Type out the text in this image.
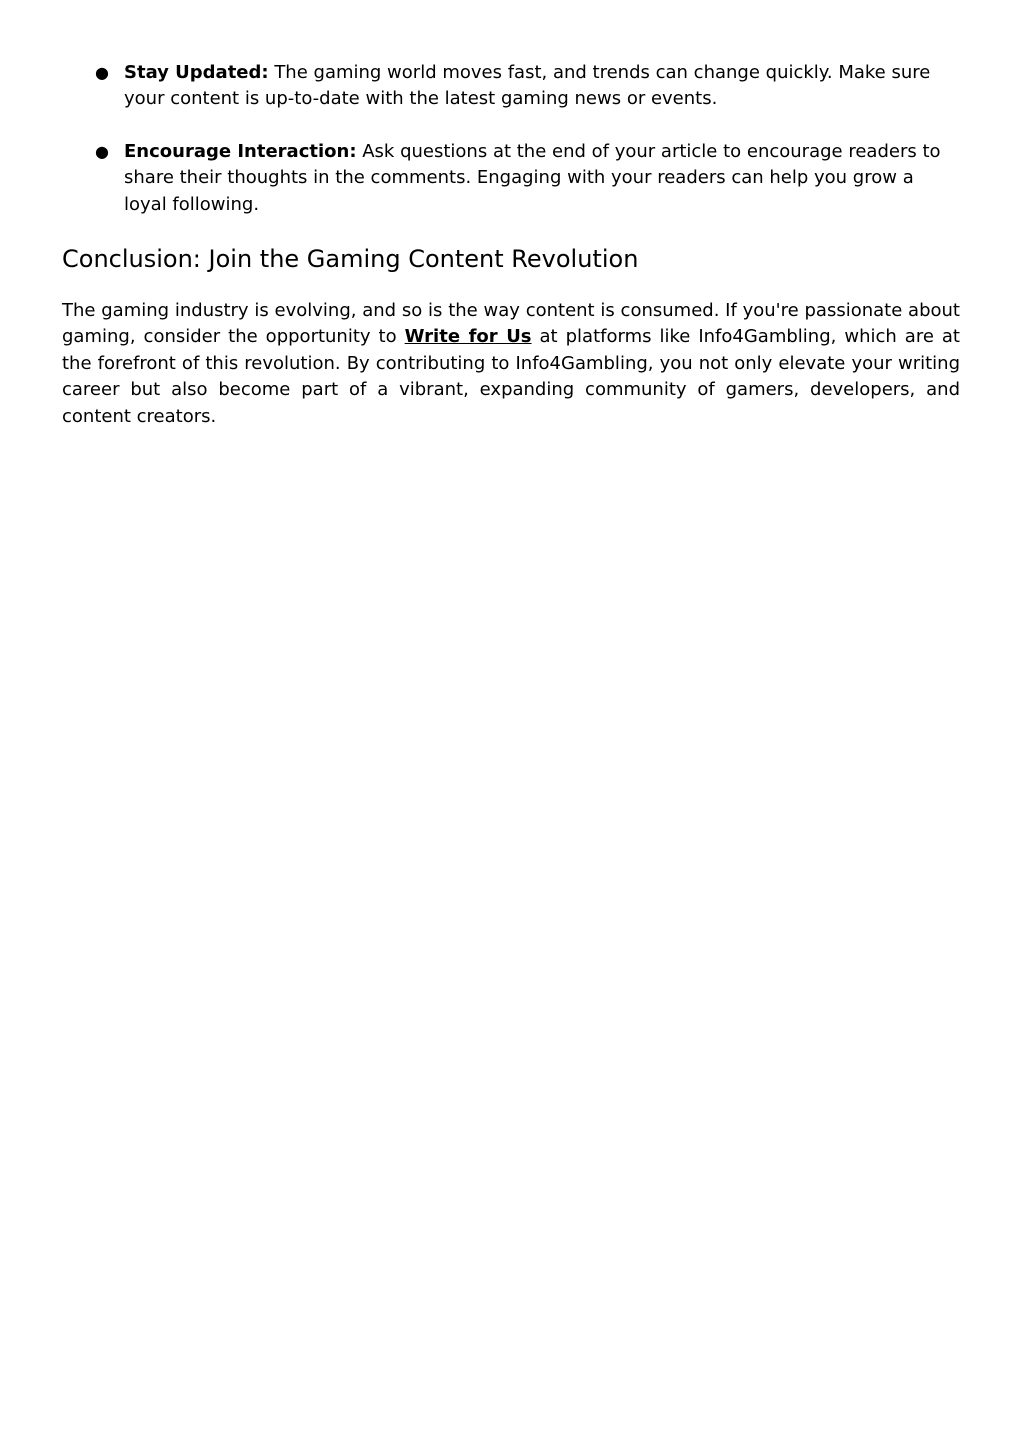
● Stay Updated: The gaming world moves fast, and trends can change quickly. Make sure your content is up-to-date with the latest gaming news or events.
● Encourage Interaction: Ask questions at the end of your article to encourage readers to share their thoughts in the comments. Engaging with your readers can help you grow a loyal following.
Conclusion: Join the Gaming Content Revolution

The gaming industry is evolving, and so is the way content is consumed. If you're passionate about gaming, consider the opportunity to Write for Us at platforms like Info4Gambling, which are at the forefront of this revolution. By contributing to Info4Gambling, you not only elevate your writing career but also become part of a vibrant, expanding community of gamers, developers, and content creators.
